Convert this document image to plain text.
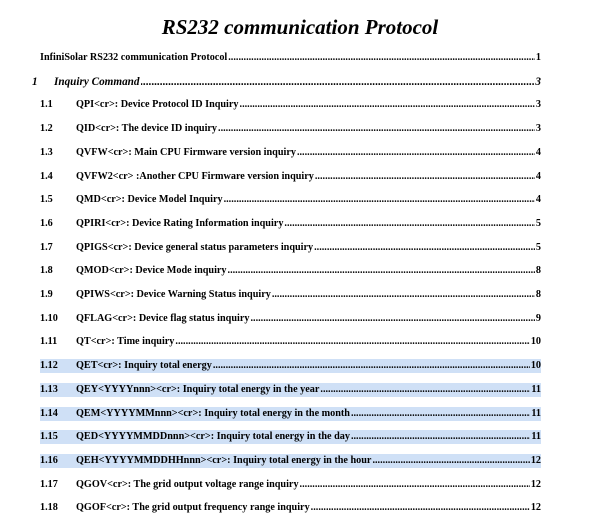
RS232 communication Protocol
InfiniSolar RS232 communication Protocol .....	1
1	Inquiry Command .....	3
1.1	QPI<cr>: Device Protocol ID Inquiry .....	3
1.2	QID<cr>: The device ID inquiry .....	3
1.3	QVFW<cr>: Main CPU Firmware version inquiry .....	4
1.4	QVFW2<cr> :Another CPU Firmware version inquiry .....	4
1.5	QMD<cr>: Device Model Inquiry .....	4
1.6	QPIRI<cr>: Device Rating Information inquiry .....	5
1.7	QPIGS<cr>: Device general status parameters inquiry .....	5
1.8	QMOD<cr>: Device Mode inquiry .....	8
1.9	QPIWS<cr>: Device Warning Status inquiry .....	8
1.10	QFLAG<cr>: Device flag status inquiry .....	9
1.11	QT<cr>: Time inquiry .....	10
1.12	QET<cr>: Inquiry total energy .....	10
1.13	QEY<YYYYnnn><cr>: Inquiry total energy in the year .....	11
1.14	QEM<YYYYMMnnn><cr>: Inquiry total energy in the month .....	11
1.15	QED<YYYYMMDDnnn><cr>: Inquiry total energy in the day .....	11
1.16	QEH<YYYYMMDDHHnnn><cr>: Inquiry total energy in the hour .....	12
1.17	QGOV<cr>: The grid output voltage range inquiry .....	12
1.18	QGOF<cr>: The grid output frequency range inquiry .....	12
